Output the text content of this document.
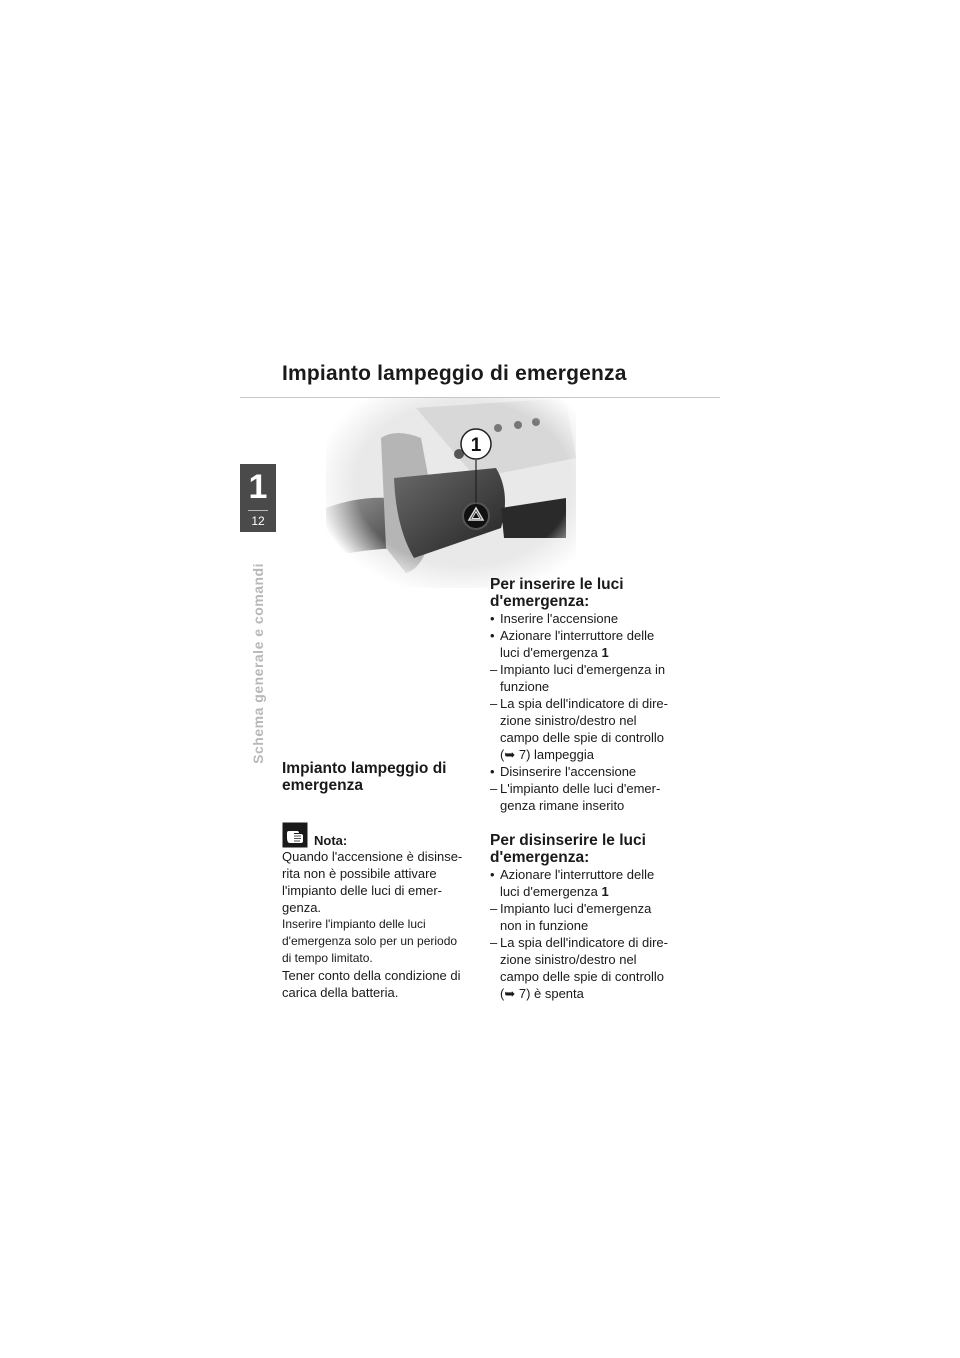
Impianto lampeggio di emergenza
1
12
Schema generale e comandi
Impianto lampeggio di
emergenza
Nota:

Quando l'accensione è disinse-
rita non è possibile attivare
l'impianto delle luci di emer-
genza.

Inserire l'impianto delle luci
d'emergenza solo per un periodo
di tempo limitato.

Tener conto della condizione di
carica della batteria.

Per inserire le luci
d'emergenza:
• Inserire l'accensione
• Azionare l'interruttore delle
luci d'emergenza 1
– Impianto luci d'emergenza in
funzione
– La spia dell'indicatore di dire-
zione sinistro/destro nel
campo delle spie di controllo
(➥ 7) lampeggia
• Disinserire l'accensione
– L'impianto delle luci d'emer-
genza rimane inserito
Per disinserire le luci
d'emergenza:
• Azionare l'interruttore delle
luci d'emergenza 1
– Impianto luci d'emergenza
non in funzione
– La spia dell'indicatore di dire-
zione sinistro/destro nel
campo delle spie di controllo
(➥ 7) è spenta
